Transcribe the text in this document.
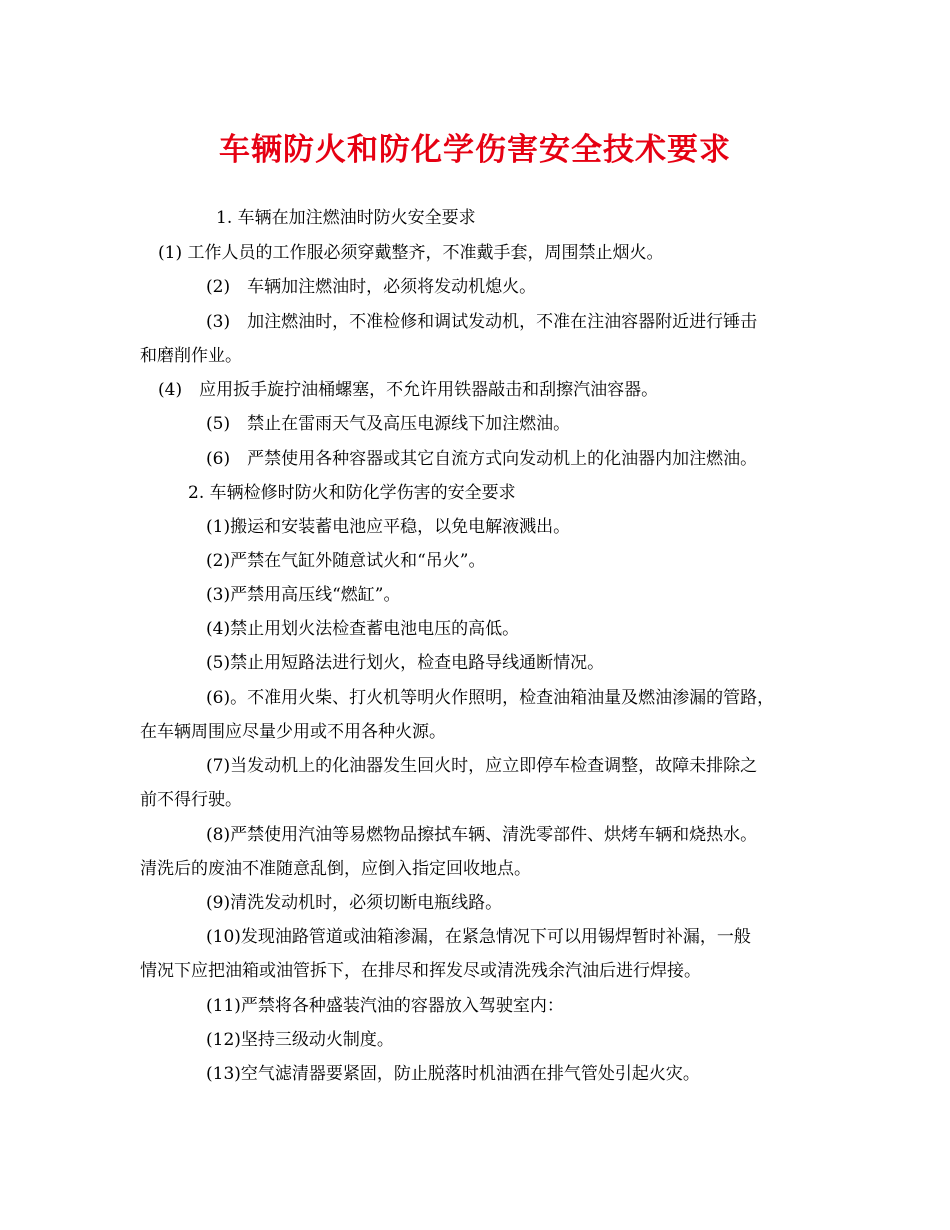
车辆防火和防化学伤害安全技术要求
1. 车辆在加注燃油时防火安全要求
(1) 工作人员的工作服必须穿戴整齐，不准戴手套，周围禁止烟火。
(2)　车辆加注燃油时，必须将发动机熄火。
(3)　加注燃油时，不准检修和调试发动机，不准在注油容器附近进行锤击
和磨削作业。
(4)　应用扳手旋拧油桶螺塞，不允许用铁器敲击和刮擦汽油容器。
(5)　禁止在雷雨天气及高压电源线下加注燃油。
(6)　严禁使用各种容器或其它自流方式向发动机上的化油器内加注燃油。
2. 车辆检修时防火和防化学伤害的安全要求
(1)搬运和安装蓄电池应平稳，以免电解液溅出。
(2)严禁在气缸外随意试火和“吊火”。
(3)严禁用高压线“燃缸”。
(4)禁止用划火法检查蓄电池电压的高低。
(5)禁止用短路法进行划火，检查电路导线通断情况。
(6)。不准用火柴、打火机等明火作照明，检查油箱油量及燃油渗漏的管路，
在车辆周围应尽量少用或不用各种火源。
(7)当发动机上的化油器发生回火时，应立即停车检查调整，故障未排除之
前不得行驶。
(8)严禁使用汽油等易燃物品擦拭车辆、清洗零部件、烘烤车辆和烧热水。
清洗后的废油不准随意乱倒，应倒入指定回收地点。
(9)清洗发动机时，必须切断电瓶线路。
(10)发现油路管道或油箱渗漏，在紧急情况下可以用锡焊暂时补漏，一般
情况下应把油箱或油管拆下，在排尽和挥发尽或清洗残余汽油后进行焊接。
(11)严禁将各种盛装汽油的容器放入驾驶室内：
(12)坚持三级动火制度。
(13)空气滤清器要紧固，防止脱落时机油洒在排气管处引起火灾。
